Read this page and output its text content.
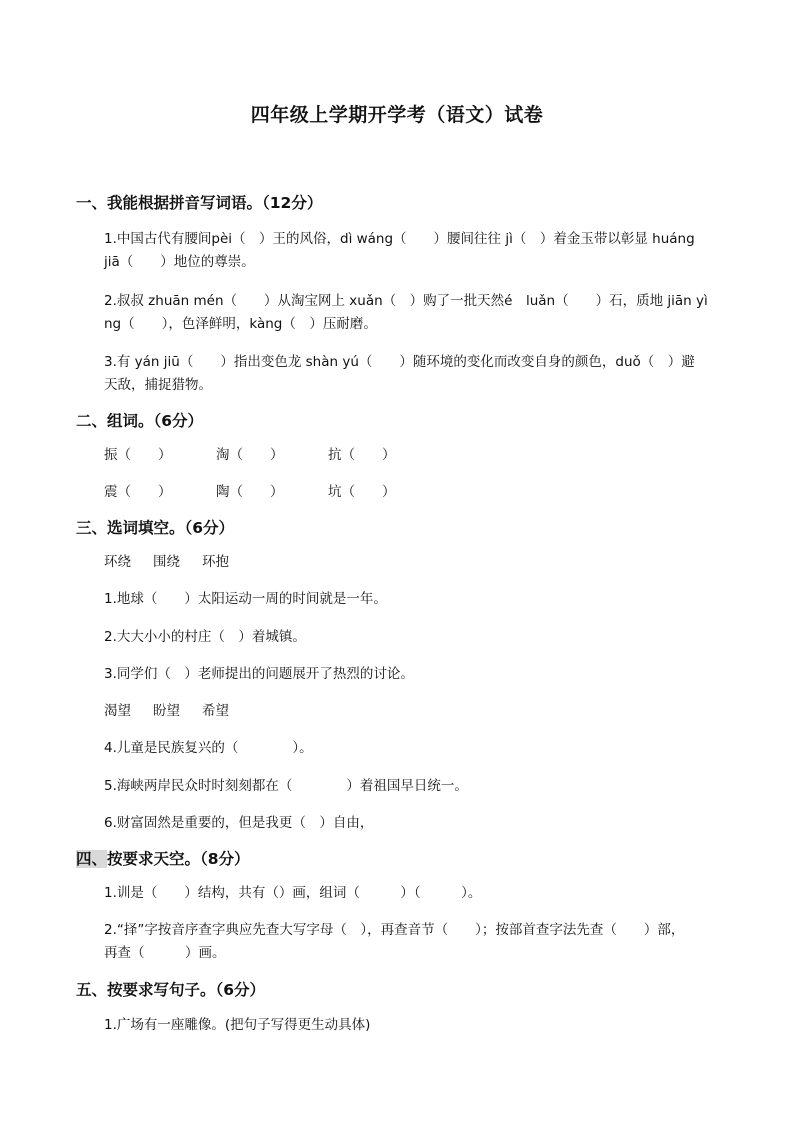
四年级上学期开学考（语文）试卷
一、我能根据拼音写词语。（12分）
1.中国古代有腰间pèi（　）王的风俗，dì wáng（　　）腰间往往 jì（　）着金玉带以彰显 huáng
jiā（　　）地位的尊崇。
2.叔叔 zhuān mén（　　）从淘宝网上 xuǎn（　）购了一批天然é　luǎn（　　）石，质地 jiān yì
ng（　　），色泽鲜明，kàng（　）压耐磨。
3.有 yán jiū（　　）指出变色龙 shàn yú（　　）随环境的变化而改变自身的颜色，duǒ（　）避
天敌，捕捉猎物。
二、组词。（6分）
振（　　）	淘（　　）	抗（　　）
震（　　）	陶（　　）	坑（　　）
三、选词填空。（6分）
环绕 围绕 环抱
1.地球（　　）太阳运动一周的时间就是一年。
2.大大小小的村庄（　）着城镇。
3.同学们（　）老师提出的问题展开了热烈的讨论。
渴望 盼望 希望
4.儿童是民族复兴的（　　　　）。
5.海峡两岸民众时时刻刻都在（　　　　）着祖国早日统一。
6.财富固然是重要的，但是我更（　）自由，
四、按要求天空。（8分）
1.训是（　　）结构，共有（）画，组词（　　　）（　　　）。
2.“择”字按音序查字典应先查大写字母（　），再查音节（　　）；按部首查字法先查（　　）部，
再查（　　　）画。
五、按要求写句子。（6分）
1.广场有一座雕像。(把句子写得更生动具体)
